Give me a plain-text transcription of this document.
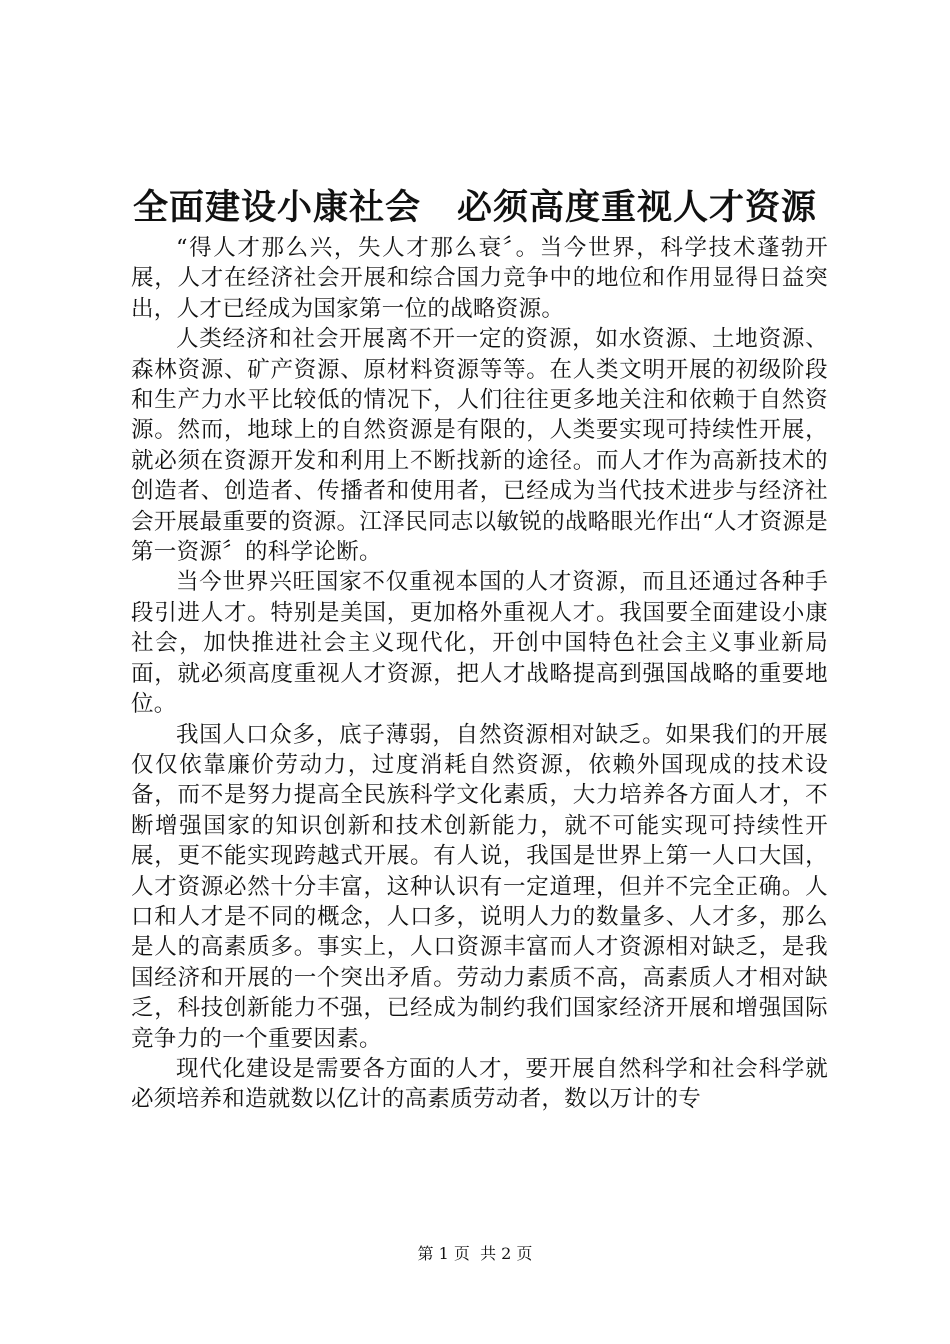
全面建设小康社会　必须高度重视人才资源

“得人才那么兴，失人才那么衰〞。当今世界，科学技术蓬勃开展，人才在经济社会开展和综合国力竞争中的地位和作用显得日益突出，人才已经成为国家第一位的战略资源。

人类经济和社会开展离不开一定的资源，如水资源、土地资源、森林资源、矿产资源、原材料资源等等。在人类文明开展的初级阶段和生产力水平比较低的情况下，人们往往更多地关注和依赖于自然资源。然而，地球上的自然资源是有限的，人类要实现可持续性开展，就必须在资源开发和利用上不断找新的途径。而人才作为高新技术的创造者、创造者、传播者和使用者，已经成为当代技术进步与经济社会开展最重要的资源。江泽民同志以敏锐的战略眼光作出“人才资源是第一资源〞的科学论断。

当今世界兴旺国家不仅重视本国的人才资源，而且还通过各种手段引进人才。特别是美国，更加格外重视人才。我国要全面建设小康社会，加快推进社会主义现代化，开创中国特色社会主义事业新局面，就必须高度重视人才资源，把人才战略提高到强国战略的重要地位。

我国人口众多，底子薄弱，自然资源相对缺乏。如果我们的开展仅仅依靠廉价劳动力，过度消耗自然资源，依赖外国现成的技术设备，而不是努力提高全民族科学文化素质，大力培养各方面人才，不断增强国家的知识创新和技术创新能力，就不可能实现可持续性开展，更不能实现跨越式开展。有人说，我国是世界上第一人口大国，人才资源必然十分丰富，这种认识有一定道理，但并不完全正确。人口和人才是不同的概念，人口多，说明人力的数量多、人才多，那么是人的高素质多。事实上，人口资源丰富而人才资源相对缺乏，是我国经济和开展的一个突出矛盾。劳动力素质不高，高素质人才相对缺乏，科技创新能力不强，已经成为制约我们国家经济开展和增强国际竞争力的一个重要因素。

现代化建设是需要各方面的人才，要开展自然科学和社会科学就必须培养和造就数以亿计的高素质劳动者，数以万计的专

第 1 页  共 2 页
